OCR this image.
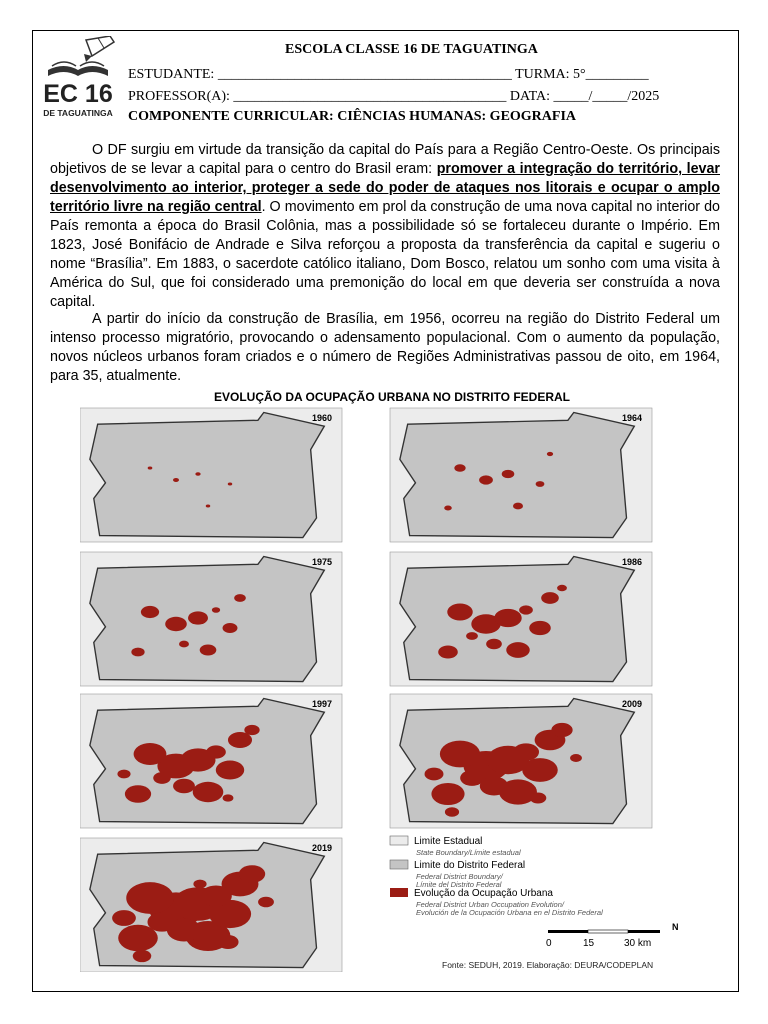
EC 16
DE TAGUATINGA
ESCOLA CLASSE 16 DE TAGUATINGA
ESTUDANTE: __________________________________________ TURMA: 5°_________
PROFESSOR(A): _______________________________________ DATA: _____/_____/2025
COMPONENTE CURRICULAR: CIÊNCIAS HUMANAS: GEOGRAFIA
O DF surgiu em virtude da transição da capital do País para a Região Centro-Oeste. Os principais objetivos de se levar a capital para o centro do Brasil eram: promover a integração do território, levar desenvolvimento ao interior, proteger a sede do poder de ataques nos litorais e ocupar o amplo território livre na região central. O movimento em prol da construção de uma nova capital no interior do País remonta a época do Brasil Colônia, mas a possibilidade só se fortaleceu durante o Império. Em 1823, José Bonifácio de Andrade e Silva reforçou a proposta da transferência da capital e sugeriu o nome “Brasília”. Em 1883, o sacerdote católico italiano, Dom Bosco, relatou um sonho com uma visita à América do Sul, que foi considerado uma premonição do local em que deveria ser construída a nova capital.
A partir do início da construção de Brasília, em 1956, ocorreu na região do Distrito Federal um intenso processo migratório, provocando o adensamento populacional. Com o aumento da população, novos núcleos urbanos foram criados e o número de Regiões Administrativas passou de oito, em 1964, para 35, atualmente.
EVOLUÇÃO DA OCUPAÇÃO URBANA NO DISTRITO FEDERAL
1960	1964
1975	1986
1997	2009
2019
Limite Estadual
State Boundary/Límite estadual
Limite do Distrito Federal
Federal District Boundary/
Límite del Distrito Federal
Evolução da Ocupação Urbana
Federal District Urban Occupation Evolution/
Evolución de la Ocupación Urbana en el Distrito Federal
0	15	30 km
N
Fonte: SEDUH, 2019. Elaboração: DEURA/CODEPLAN
